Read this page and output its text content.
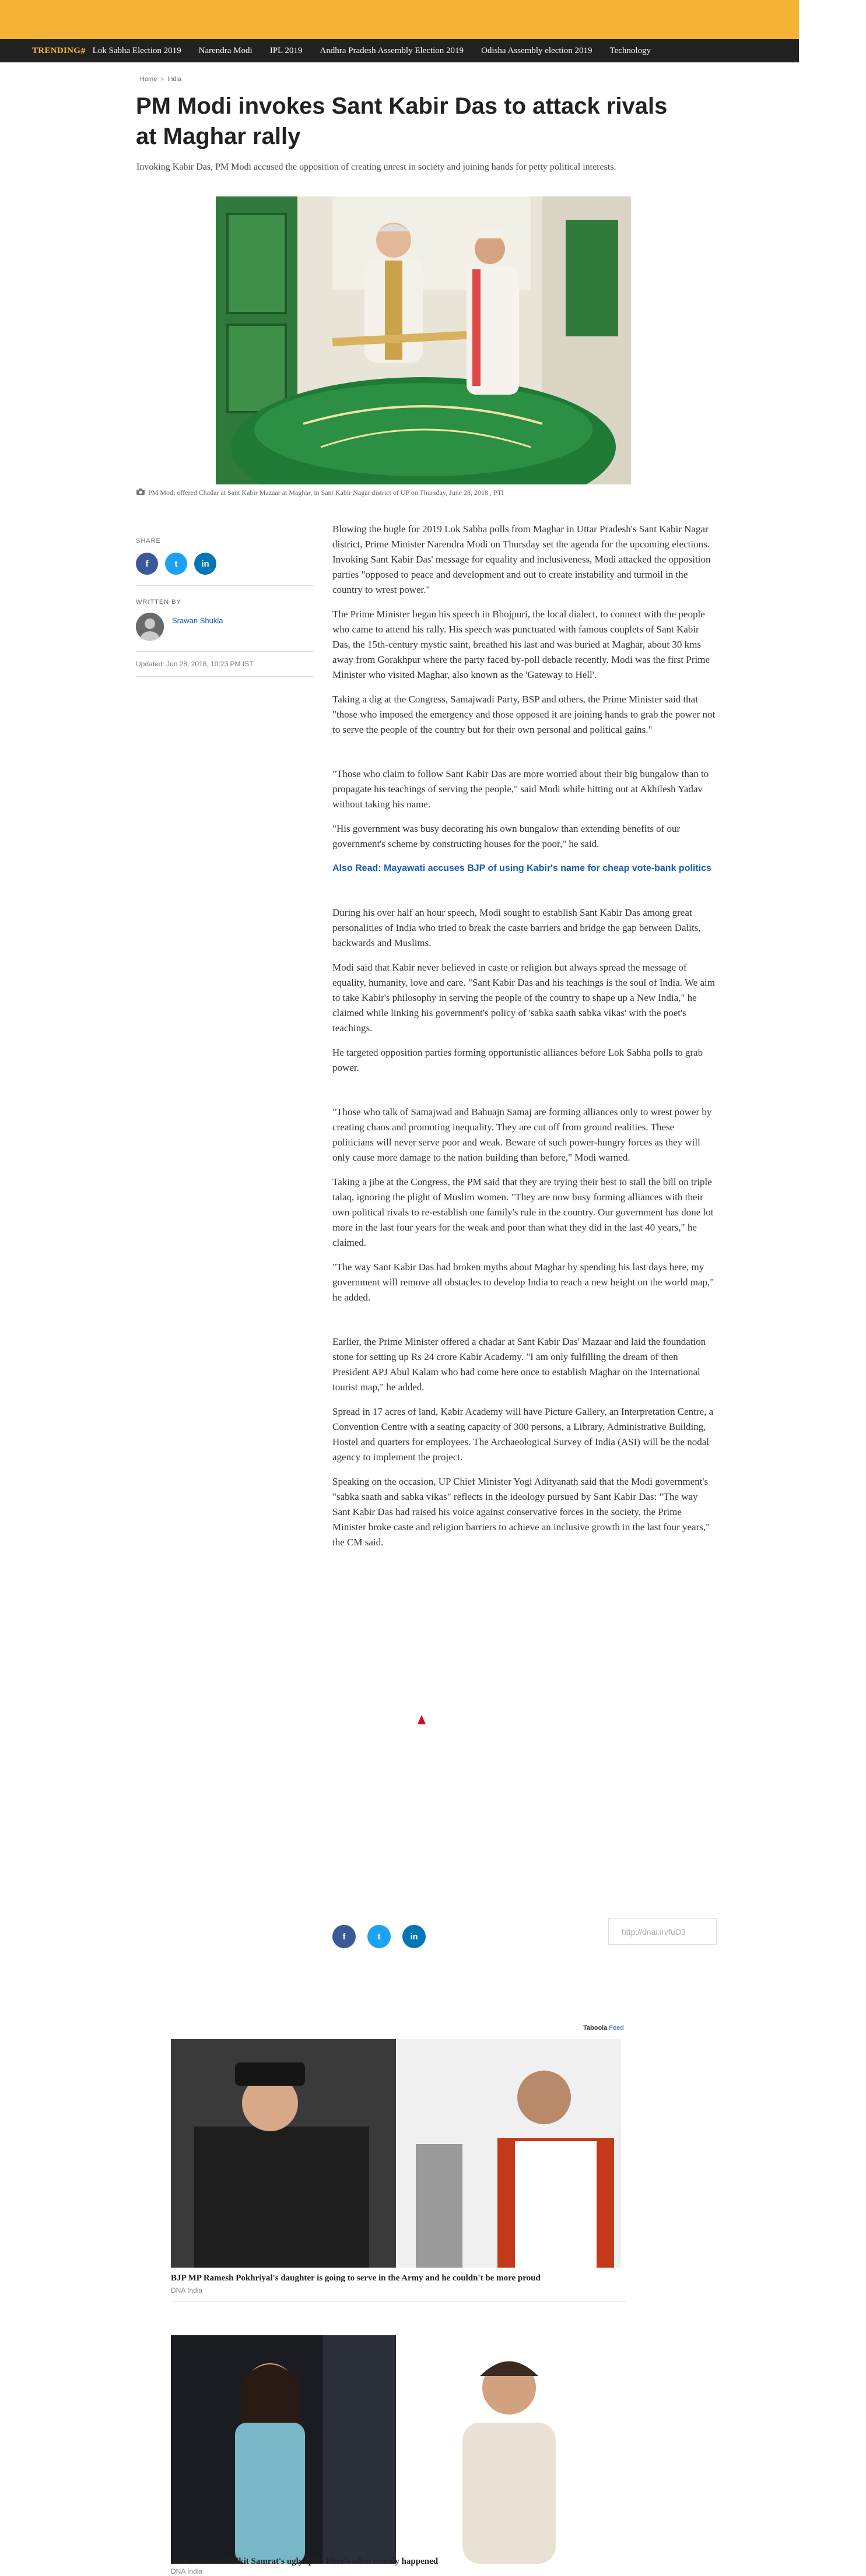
TRENDING # Lok Sabha Election 2019 Narendra Modi IPL 2019 Andhra Pradesh Assembly Election 2019 Odisha Assembly election 2019 Technology
Home > India
PM Modi invokes Sant Kabir Das to attack rivals at Maghar rally

Invoking Kabir Das, PM Modi accused the opposition of creating unrest in society and joining hands for petty political interests.

PM Modi offered Chadar at Sant Kabir Mazaar at Maghar, in Sant Kabir Nagar district of UP on Thursday, June 28, 2018 , PTI
SHARE
f	t	in
WRITTEN BY
Srawan Shukla
Updated: Jun 28, 2018, 10:23 PM IST

Blowing the bugle for 2019 Lok Sabha polls from Maghar in Uttar Pradesh's Sant Kabir Nagar district, Prime Minister Narendra Modi on Thursday set the agenda for the upcoming elections. Invoking Sant Kabir Das' message for equality and inclusiveness, Modi attacked the opposition parties "opposed to peace and development and out to create instability and turmoil in the country to wrest power."

The Prime Minister began his speech in Bhojpuri, the local dialect, to connect with the people who came to attend his rally. His speech was punctuated with famous couplets of Sant Kabir Das, the 15th-century mystic saint, breathed his last and was buried at Maghar, about 30 kms away from Gorakhpur where the party faced by-poll debacle recently. Modi was the first Prime Minister who visited Maghar, also known as the 'Gateway to Hell'.

Taking a dig at the Congress, Samajwadi Party, BSP and others, the Prime Minister said that "those who imposed the emergency and those opposed it are joining hands to grab the power not to serve the people of the country but for their own personal and political gains."

"Those who claim to follow Sant Kabir Das are more worried about their big bungalow than to propagate his teachings of serving the people," said Modi while hitting out at Akhilesh Yadav without taking his name.

"His government was busy decorating his own bungalow than extending benefits of our government's scheme by constructing houses for the poor," he said.

Also Read: Mayawati accuses BJP of using Kabir's name for cheap vote-bank politics

During his over half an hour speech, Modi sought to establish Sant Kabir Das among great personalities of India who tried to break the caste barriers and bridge the gap between Dalits, backwards and Muslims.

Modi said that Kabir never believed in caste or religion but always spread the message of equality, humanity, love and care. "Sant Kabir Das and his teachings is the soul of India. We aim to take Kabir's philosophy in serving the people of the country to shape up a New India," he claimed while linking his government's policy of 'sabka saath sabka vikas' with the poet's teachings.

He targeted opposition parties forming opportunistic alliances before Lok Sabha polls to grab power.

"Those who talk of Samajwad and Bahuajn Samaj are forming alliances only to wrest power by creating chaos and promoting inequality. They are cut off from ground realities. These politicians will never serve poor and weak. Beware of such power-hungry forces as they will only cause more damage to the nation building than before," Modi warned.

Taking a jibe at the Congress, the PM said that they are trying their best to stall the bill on triple talaq, ignoring the plight of Muslim women. "They are now busy forming alliances with their own political rivals to re-establish one family's rule in the country. Our government has done lot more in the last four years for the weak and poor than what they did in the last 40 years," he claimed.

"The way Sant Kabir Das had broken myths about Maghar by spending his last days here, my government will remove all obstacles to develop India to reach a new height on the world map," he added.

Earlier, the Prime Minister offered a chadar at Sant Kabir Das' Mazaar and laid the foundation stone for setting up Rs 24 crore Kabir Academy. "I am only fulfilling the dream of then President APJ Abul Kalam who had come here once to establish Maghar on the International tourist map," he added.

Spread in 17 acres of land, Kabir Academy will have Picture Gallery, an Interpretation Centre, a Convention Centre with a seating capacity of 300 persons, a Library, Administrative Building, Hostel and quarters for employees. The Archaeological Survey of India (ASI) will be the nodal agency to implement the project.

Speaking on the occasion, UP Chief Minister Yogi Adityanath said that the Modi government's "sabka saath and sabka vikas" reflects in the ideology pursued by Sant Kabir Das: "The way Sant Kabir Das had raised his voice against conservative forces in the society, the Prime Minister broke caste and religion barriers to achieve an inclusive growth in the last four years," the CM said.

f	t	in	http://dnai.in/fuD3
Taboola Feed
BJP MP Ramesh Pokhriyal's daughter is going to serve in the Army and he couldn't be more proud
DNA India
Yami Gautam-Pulkit Samrat's ugly split: Here's what exactly happened
DNA India
